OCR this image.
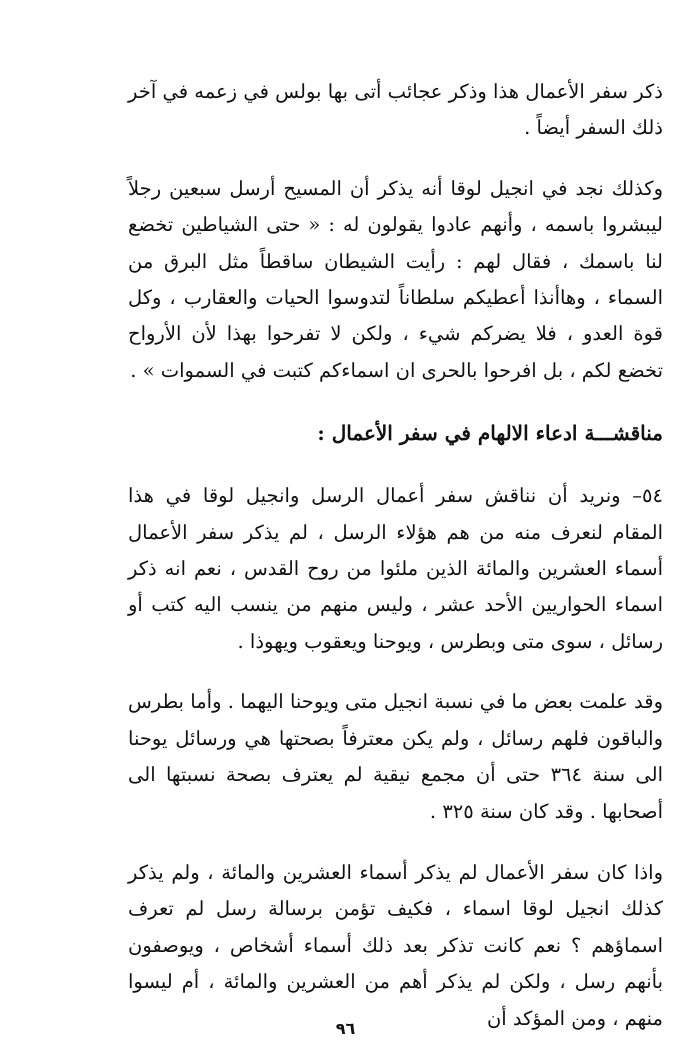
ذكر سفر الأعمال هذا وذكر عجائب أتى بها بولس في زعمه في آخر ذلك السفر أيضاً .

وكذلك نجد في انجيل لوقا أنه يذكر أن المسيح أرسل سبعين رجلاً ليبشروا باسمه ، وأنهم عادوا يقولون له : « حتى الشياطين تخضع لنا باسمك ، فقال لهم : رأيت الشيطان ساقطاً مثل البرق من السماء ، وهاأنذا أعطيكم سلطاناً لتدوسوا الحيات والعقارب ، وكل قوة العدو ، فلا يضركم شيء ، ولكن لا تفرحوا بهذا لأن الأرواح تخضع لكم ، بل افرحوا بالحرى ان اسماءكم كتبت في السموات » .

مناقشـــة ادعاء الالهام في سفر الأعمال :

٥٤– ونريد أن نناقش سفر أعمال الرسل وانجيل لوقا في هذا المقام لنعرف منه من هم هؤلاء الرسل ، لم يذكر سفر الأعمال أسماء العشرين والمائة الذين ملئوا من روح القدس ، نعم انه ذكر اسماء الحواريين الأحد عشر ، وليس منهم من ينسب اليه كتب أو رسائل ، سوى متى وبطرس ، ويوحنا ويعقوب ويهوذا .

وقد علمت بعض ما في نسبة انجيل متى ويوحنا اليهما . وأما بطرس والباقون فلهم رسائل ، ولم يكن معترفاً بصحتها هي ورسائل يوحنا الى سنة ٣٦٤ حتى أن مجمع نيقية لم يعترف بصحة نسبتها الى أصحابها . وقد كان سنة ٣٢٥ .

واذا كان سفر الأعمال لم يذكر أسماء العشرين والمائة ، ولم يذكر كذلك انجيل لوقا اسماء ، فكيف تؤمن برسالة رسل لم تعرف اسماؤهم ؟ نعم كانت تذكر بعد ذلك أسماء أشخاص ، ويوصفون بأنهم رسل ، ولكن لم يذكر أهم من العشرين والمائة ، أم ليسوا منهم ، ومن المؤكد أن

٩٦
